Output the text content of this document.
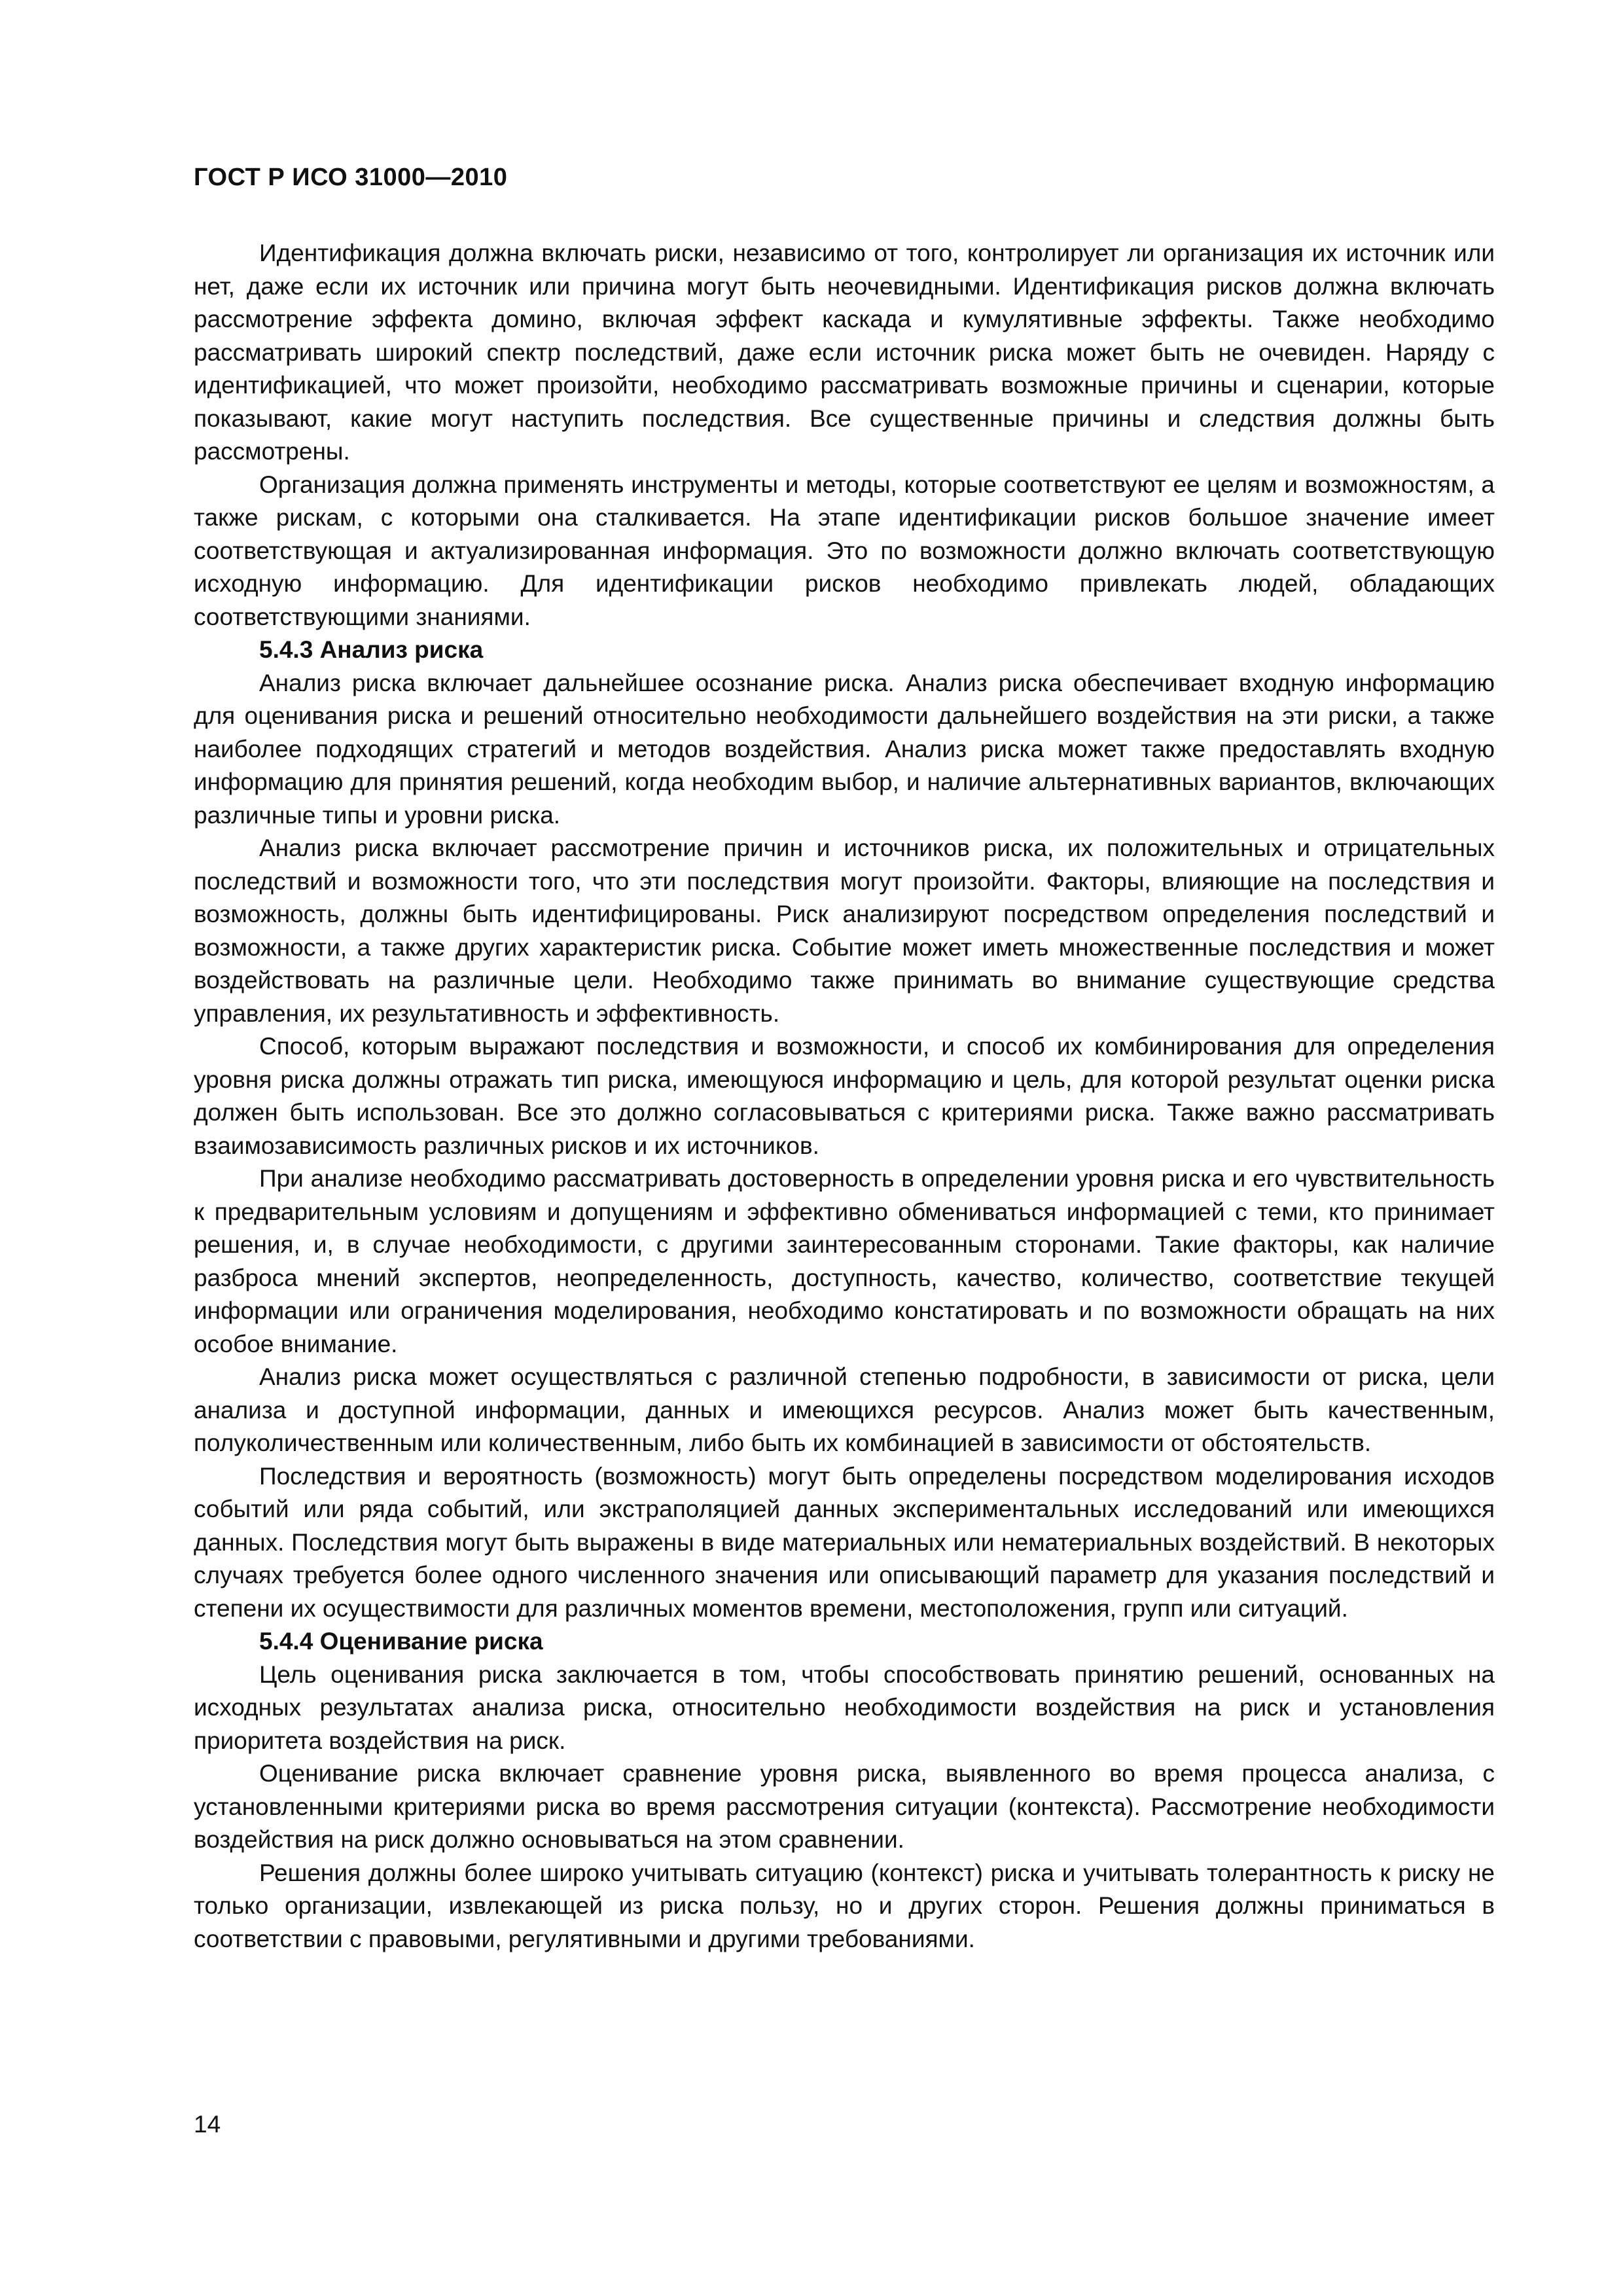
ГОСТ Р ИСО 31000—2010

Идентификация должна включать риски, независимо от того, контролирует ли организация их источник или нет, даже если их источник или причина могут быть неочевидными. Идентификация рисков должна включать рассмотрение эффекта домино, включая эффект каскада и кумулятивные эффекты. Также необходимо рассматривать широкий спектр последствий, даже если источник риска может быть не очевиден. Наряду с идентификацией, что может произойти, необходимо рассматривать возможные причины и сценарии, которые показывают, какие могут наступить последствия. Все существенные причины и следствия должны быть рассмотрены.

Организация должна применять инструменты и методы, которые соответствуют ее целям и возможностям, а также рискам, с которыми она сталкивается. На этапе идентификации рисков большое значение имеет соответствующая и актуализированная информация. Это по возможности должно включать соответствующую исходную информацию. Для идентификации рисков необходимо привлекать людей, обладающих соответствующими знаниями.

5.4.3 Анализ риска

Анализ риска включает дальнейшее осознание риска. Анализ риска обеспечивает входную информацию для оценивания риска и решений относительно необходимости дальнейшего воздействия на эти риски, а также наиболее подходящих стратегий и методов воздействия. Анализ риска может также предоставлять входную информацию для принятия решений, когда необходим выбор, и наличие альтернативных вариантов, включающих различные типы и уровни риска.

Анализ риска включает рассмотрение причин и источников риска, их положительных и отрицательных последствий и возможности того, что эти последствия могут произойти. Факторы, влияющие на последствия и возможность, должны быть идентифицированы. Риск анализируют посредством определения последствий и возможности, а также других характеристик риска. Событие может иметь множественные последствия и может воздействовать на различные цели. Необходимо также принимать во внимание существующие средства управления, их результативность и эффективность.

Способ, которым выражают последствия и возможности, и способ их комбинирования для определения уровня риска должны отражать тип риска, имеющуюся информацию и цель, для которой результат оценки риска должен быть использован. Все это должно согласовываться с критериями риска. Также важно рассматривать взаимозависимость различных рисков и их источников.

При анализе необходимо рассматривать достоверность в определении уровня риска и его чувствительность к предварительным условиям и допущениям и эффективно обмениваться информацией с теми, кто принимает решения, и, в случае необходимости, с другими заинтересованным сторонами. Такие факторы, как наличие разброса мнений экспертов, неопределенность, доступность, качество, количество, соответствие текущей информации или ограничения моделирования, необходимо констатировать и по возможности обращать на них особое внимание.

Анализ риска может осуществляться с различной степенью подробности, в зависимости от риска, цели анализа и доступной информации, данных и имеющихся ресурсов. Анализ может быть качественным, полуколичественным или количественным, либо быть их комбинацией в зависимости от обстоятельств.

Последствия и вероятность (возможность) могут быть определены посредством моделирования исходов событий или ряда событий, или экстраполяцией данных экспериментальных исследований или имеющихся данных. Последствия могут быть выражены в виде материальных или нематериальных воздействий. В некоторых случаях требуется более одного численного значения или описывающий параметр для указания последствий и степени их осуществимости для различных моментов времени, местоположения, групп или ситуаций.

5.4.4 Оценивание риска

Цель оценивания риска заключается в том, чтобы способствовать принятию решений, основанных на исходных результатах анализа риска, относительно необходимости воздействия на риск и установления приоритета воздействия на риск.

Оценивание риска включает сравнение уровня риска, выявленного во время процесса анализа, с установленными критериями риска во время рассмотрения ситуации (контекста). Рассмотрение необходимости воздействия на риск должно основываться на этом сравнении.

Решения должны более широко учитывать ситуацию (контекст) риска и учитывать толерантность к риску не только организации, извлекающей из риска пользу, но и других сторон. Решения должны приниматься в соответствии с правовыми, регулятивными и другими требованиями.

14
